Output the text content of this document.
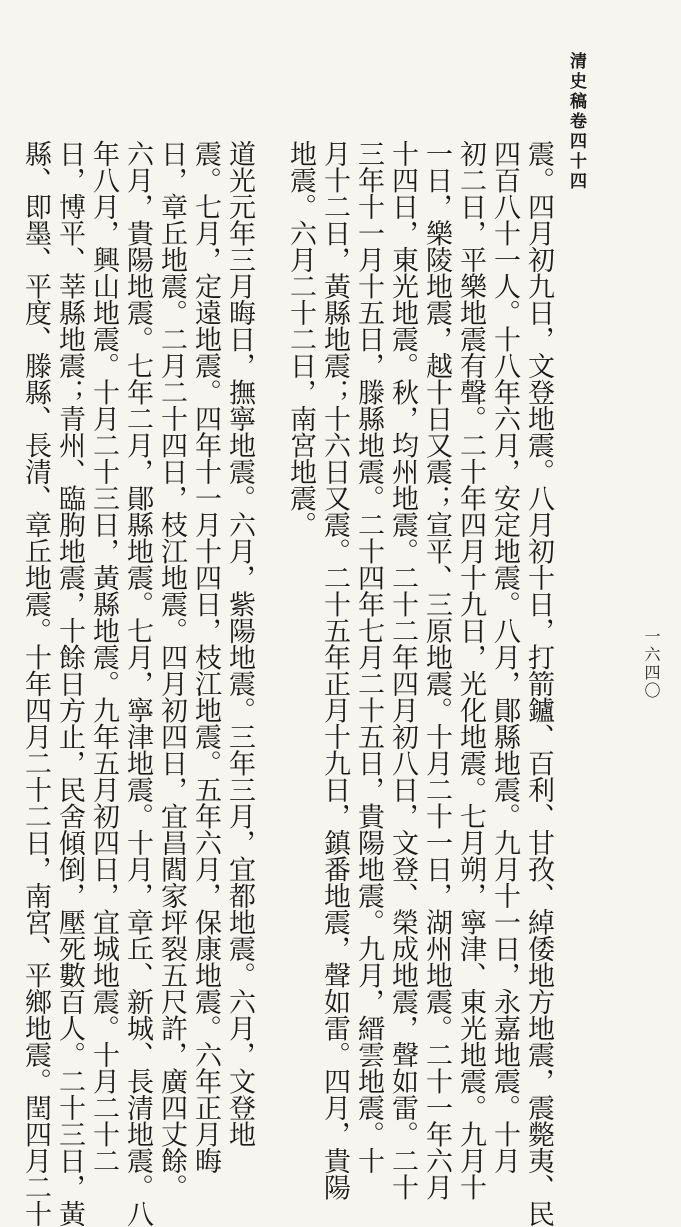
清史稿卷四十四
一六四〇
震。四月初九日，文登地震。八月初十日，打箭鑪、百利、甘孜、綽倭地方地震，震斃夷、民
四百八十一人。十八年六月，安定地震。八月，鄖縣地震。九月十一日，永嘉地震。十月
初二日，平樂地震有聲。二十年四月十九日，光化地震。七月朔，寧津、東光地震。九月十
一日，樂陵地震，越十日又震；宣平、三原地震。十月二十一日，湖州地震。二十一年六月
十四日，東光地震。秋，均州地震。二十二年四月初八日，文登、榮成地震，聲如雷。二十
三年十一月十五日，滕縣地震。二十四年七月二十五日，貴陽地震。九月，縉雲地震。十
月十二日，黃縣地震；十六日又震。二十五年正月十九日，鎮番地震，聲如雷。四月，貴陽
地震。六月二十二日，南宮地震。
道光元年三月晦日，撫寧地震。六月，紫陽地震。三年三月，宜都地震。六月，文登地
震。七月，定遠地震。四年十一月十四日，枝江地震。五年六月，保康地震。六年正月晦
日，章丘地震。二月二十四日，枝江地震。四月初四日，宜昌閻家坪裂五尺許，廣四丈餘。
六月，貴陽地震。七年二月，鄖縣地震。七月，寧津地震。十月，章丘、新城、長清地震。八
年八月，興山地震。十月二十三日，黃縣地震。九年五月初四日，宜城地震。十月二十二
日，博平、莘縣地震；青州、臨朐地震，十餘日方止，民舍傾倒，壓死數百人。二十三日，黃
縣、即墨、平度、滕縣、長清、章丘地震。十年四月二十二日，南宮、平鄉地震。閏四月二十
